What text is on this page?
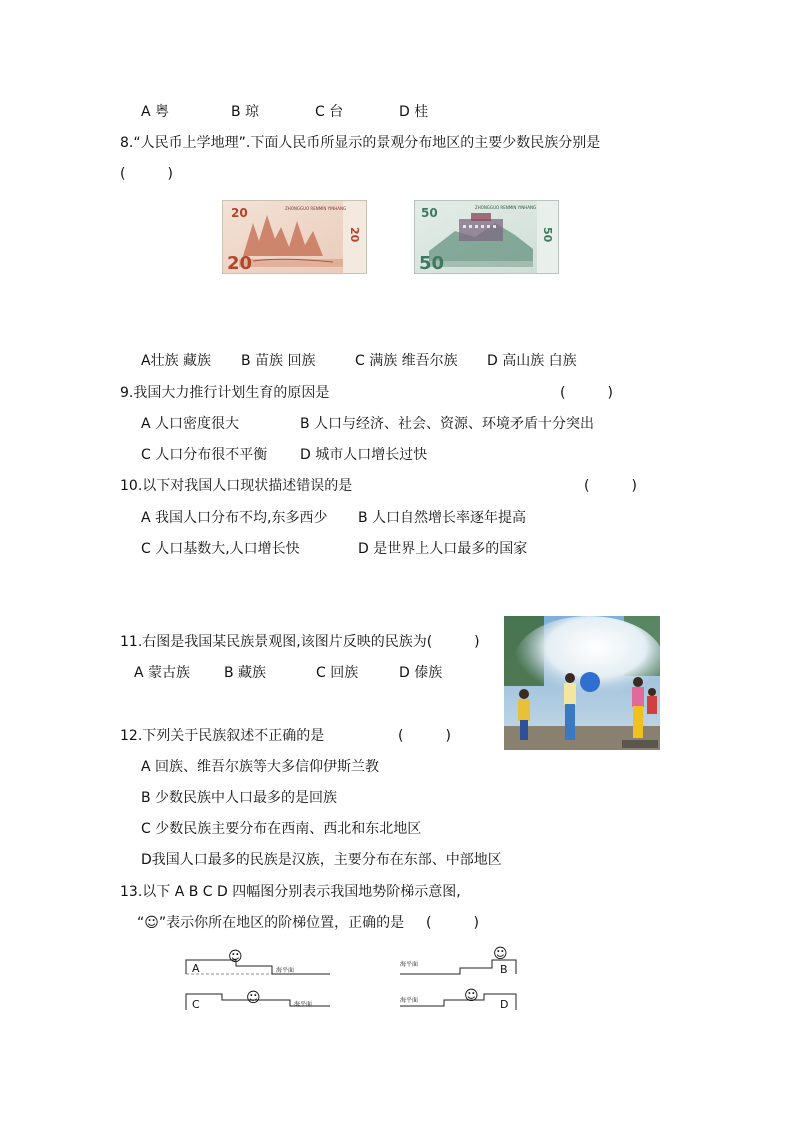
A 粤	B 琼	C 台	D 桂
8.“人民币上学地理”.下面人民币所显示的景观分布地区的主要少数民族分别是
(　　　)
20
20
ZHONGGUO RENMIN YINHANG
20
50
50
ZHONGGUO RENMIN YINHANG
50
A壮族 藏族 B 苗族 回族	C 满族 维吾尔族 D 高山族 白族
9.我国大力推行计划生育的原因是	(　　　)
A 人口密度很大	B 人口与经济、社会、资源、环境矛盾十分突出
C 人口分布很不平衡 D 城市人口增长过快
10.以下对我国人口现状描述错误的是	(　　　)
A 我国人口分布不均,东多西少 B 人口自然增长率逐年提高
C 人口基数大,人口增长快	D 是世界上人口最多的国家
11.右图是我国某民族景观图,该图片反映的民族为(　　　)
A 蒙古族 B 藏族	C 回族	D 傣族
12.下列关于民族叙述不正确的是	(　　　)
A 回族、维吾尔族等大多信仰伊斯兰教
B 少数民族中人口最多的是回族
C 少数民族主要分布在西南、西北和东北地区
D我国人口最多的民族是汉族，主要分布在东部、中部地区
13.以下 A B C D 四幅图分别表示我国地势阶梯示意图,
“☺”表示你所在地区的阶梯位置，正确的是 (　　　)
A
☺
海平面
C	☺	海平面
海平面
☺
B
海平面	☺
D
